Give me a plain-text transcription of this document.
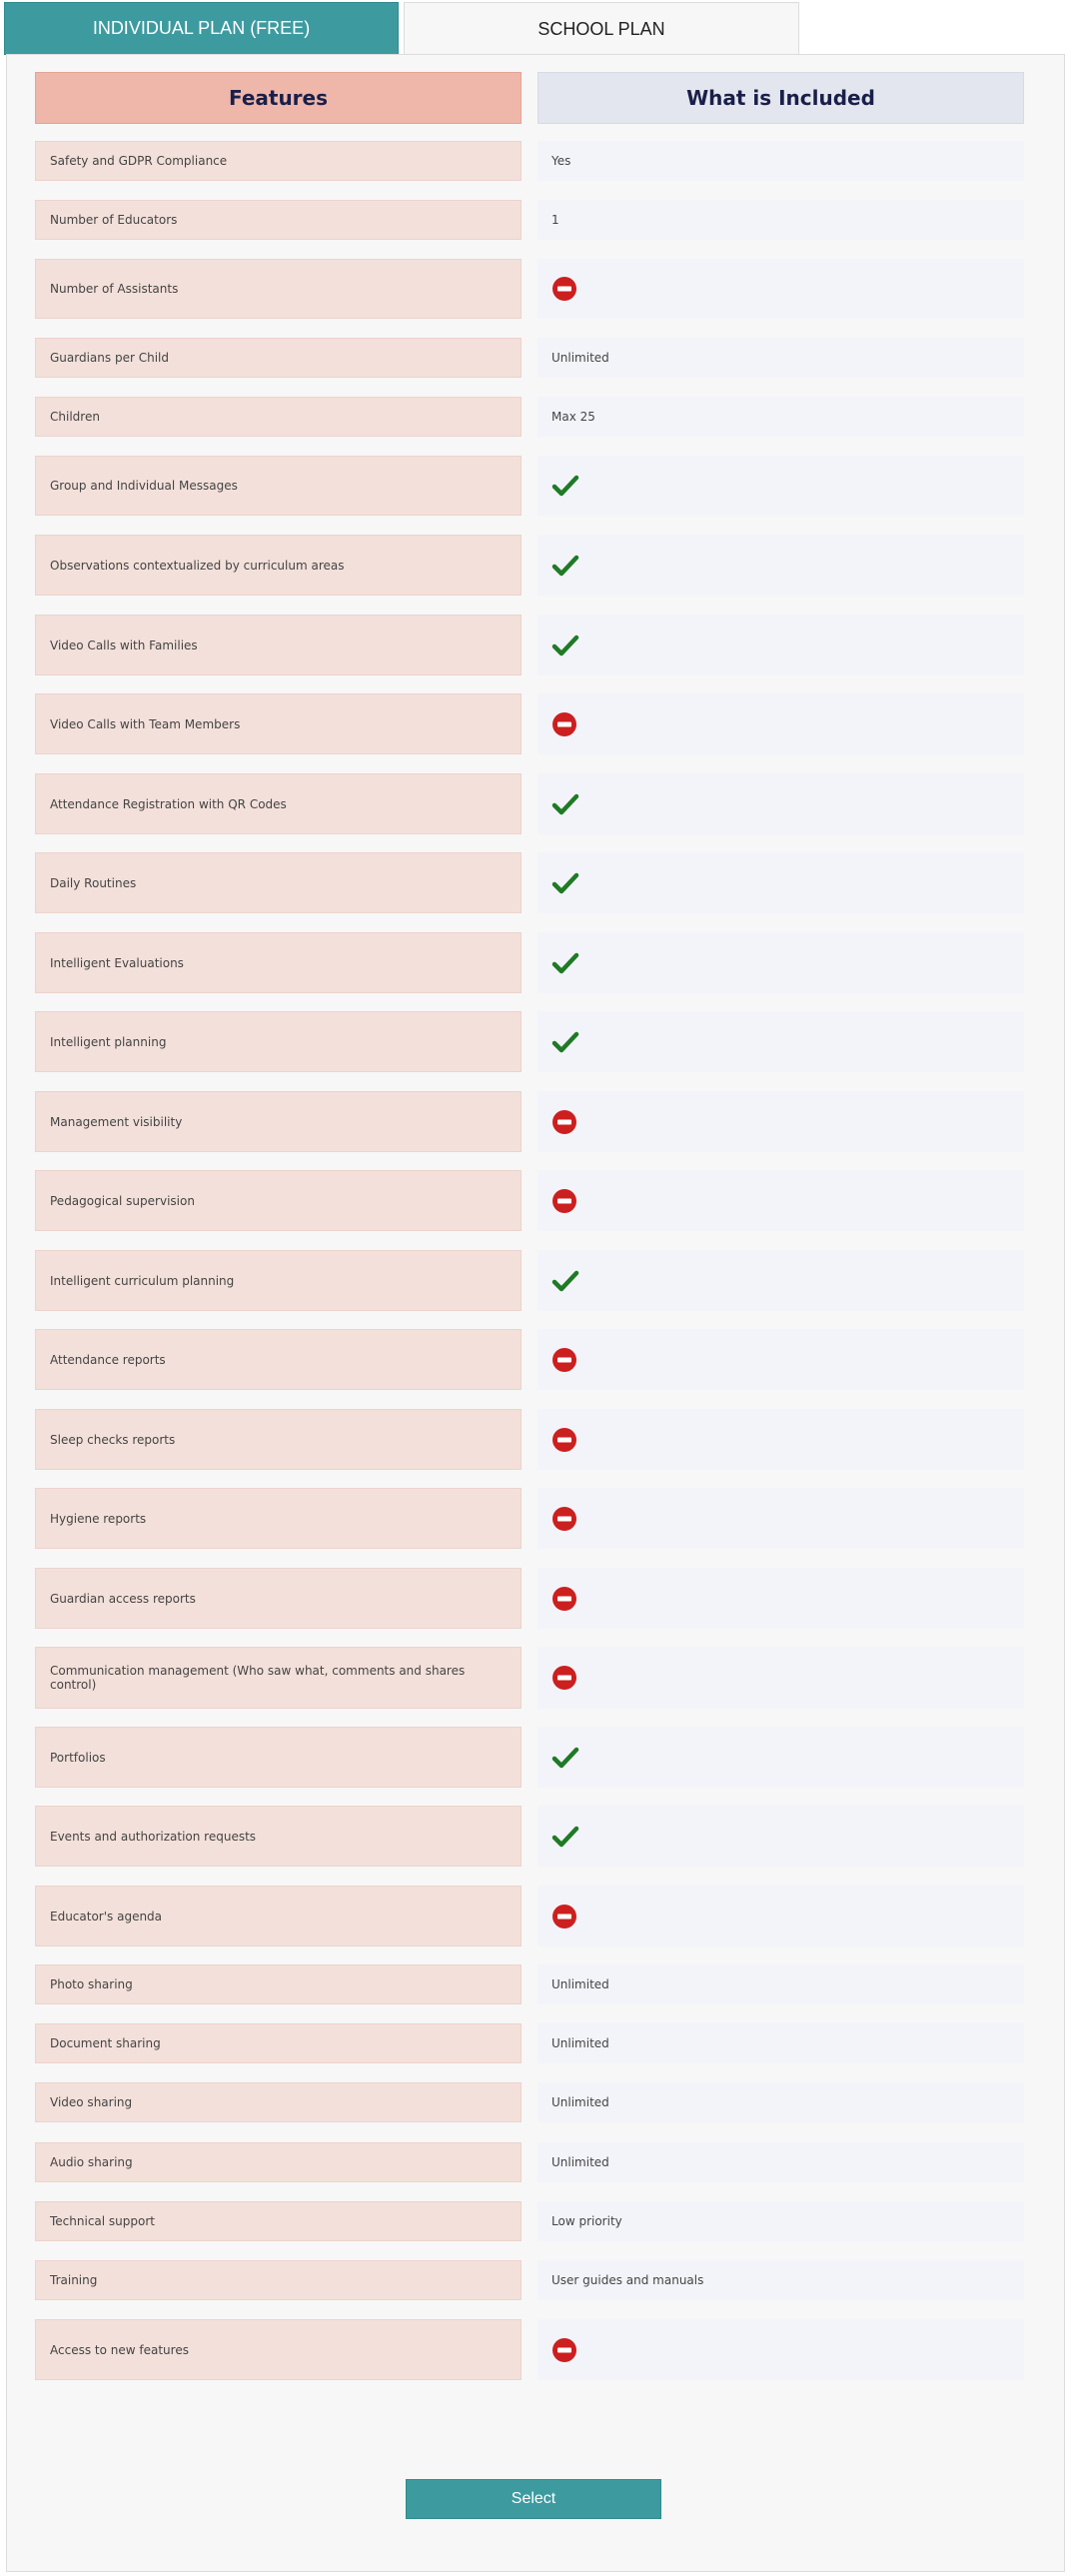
INDIVIDUAL PLAN (FREE)	SCHOOL PLAN
Features	What is Included
Safety and GDPR Compliance	Yes
Number of Educators	1
Number of Assistants
Guardians per Child	Unlimited
Children	Max 25
Group and Individual Messages
Observations contextualized by curriculum areas
Video Calls with Families
Video Calls with Team Members
Attendance Registration with QR Codes
Daily Routines
Intelligent Evaluations
Intelligent planning
Management visibility
Pedagogical supervision
Intelligent curriculum planning
Attendance reports
Sleep checks reports
Hygiene reports
Guardian access reports
Communication management (Who saw what, comments and shares control)
Portfolios
Events and authorization requests
Educator's agenda
Photo sharing	Unlimited
Document sharing	Unlimited
Video sharing	Unlimited
Audio sharing	Unlimited
Technical support	Low priority
Training	User guides and manuals
Access to new features
Select
